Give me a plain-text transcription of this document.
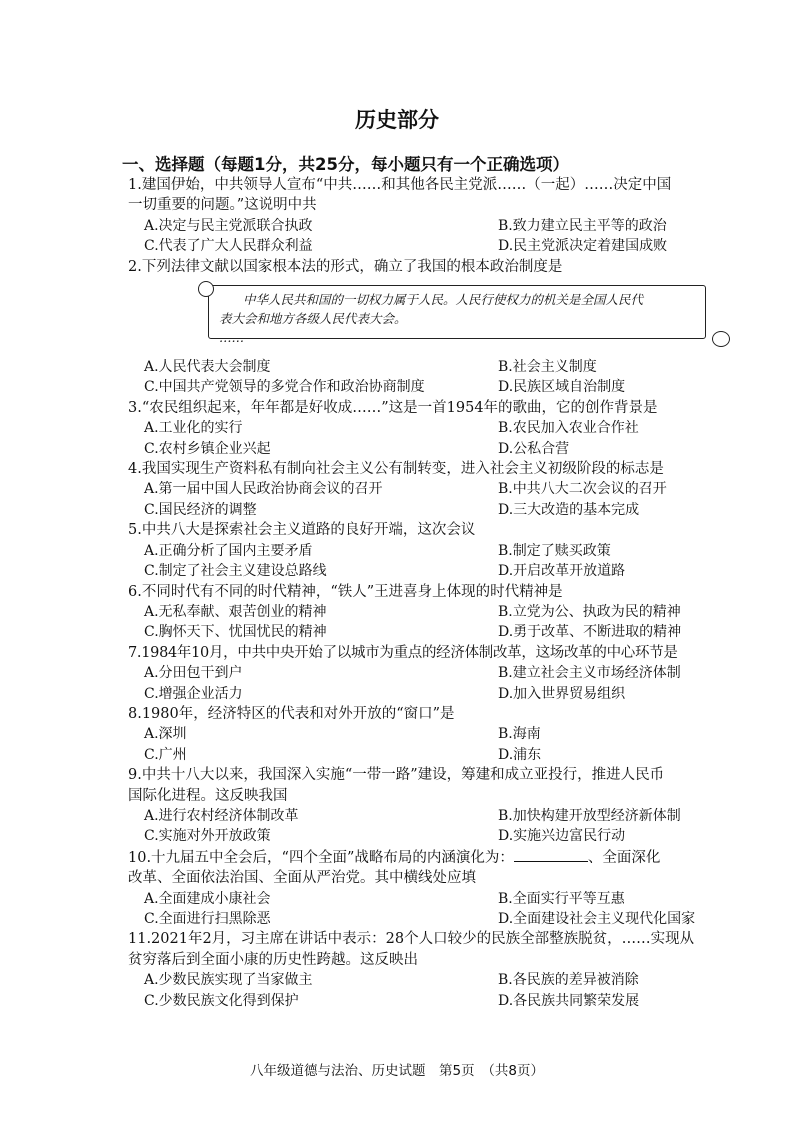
历史部分
一、选择题（每题1分，共25分，每小题只有一个正确选项）
1.建国伊始，中共领导人宣布“中共……和其他各民主党派……（一起）……决定中国
一切重要的问题。”这说明中共
A.决定与民主党派联合执政	B.致力建立民主平等的政治
C.代表了广大人民群众利益	D.民主党派决定着建国成败
2.下列法律文献以国家根本法的形式，确立了我国的根本政治制度是
中华人民共和国的一切权力属于人民。人民行使权力的机关是全国人民代
表大会和地方各级人民代表大会。
……
A.人民代表大会制度	B.社会主义制度
C.中国共产党领导的多党合作和政治协商制度	D.民族区域自治制度
3.“农民组织起来，年年都是好收成……”这是一首1954年的歌曲，它的创作背景是
A.工业化的实行	B.农民加入农业合作社
C.农村乡镇企业兴起	D.公私合营
4.我国实现生产资料私有制向社会主义公有制转变，进入社会主义初级阶段的标志是
A.第一届中国人民政治协商会议的召开	B.中共八大二次会议的召开
C.国民经济的调整	D.三大改造的基本完成
5.中共八大是探索社会主义道路的良好开端，这次会议
A.正确分析了国内主要矛盾	B.制定了赎买政策
C.制定了社会主义建设总路线	D.开启改革开放道路
6.不同时代有不同的时代精神，“铁人”王进喜身上体现的时代精神是
A.无私奉献、艰苦创业的精神	B.立党为公、执政为民的精神
C.胸怀天下、忧国忧民的精神	D.勇于改革、不断进取的精神
7.1984年10月，中共中央开始了以城市为重点的经济体制改革，这场改革的中心环节是
A.分田包干到户	B.建立社会主义市场经济体制
C.增强企业活力	D.加入世界贸易组织
8.1980年，经济特区的代表和对外开放的“窗口”是
A.深圳	B.海南
C.广州	D.浦东
9.中共十八大以来，我国深入实施“一带一路”建设，筹建和成立亚投行，推进人民币
国际化进程。这反映我国
A.进行农村经济体制改革	B.加快构建开放型经济新体制
C.实施对外开放政策	D.实施兴边富民行动
10.十九届五中全会后，“四个全面”战略布局的内涵演化为：	、全面深化
改革、全面依法治国、全面从严治党。其中横线处应填
A.全面建成小康社会	B.全面实行平等互惠
C.全面进行扫黑除恶	D.全面建设社会主义现代化国家
11.2021年2月，习主席在讲话中表示：28个人口较少的民族全部整族脱贫，……实现从
贫穷落后到全面小康的历史性跨越。这反映出
A.少数民族实现了当家做主	B.各民族的差异被消除
C.少数民族文化得到保护	D.各民族共同繁荣发展
八年级道德与法治、历史试题　第5页　（共8页）
